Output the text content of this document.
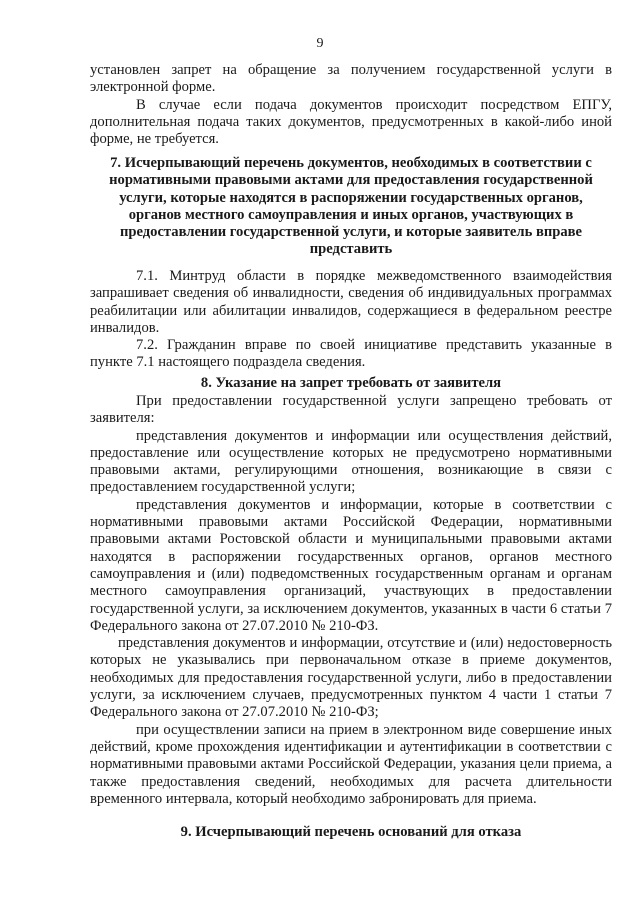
9

установлен запрет на обращение за получением государственной услуги в электронной форме.

В случае если подача документов происходит посредством ЕПГУ, дополнительная подача таких документов, предусмотренных в какой-либо иной форме, не требуется.

7. Исчерпывающий перечень документов, необходимых в соответствии с нормативными правовыми актами для предоставления государственной услуги, которые находятся в распоряжении государственных органов, органов местного самоуправления и иных органов, участвующих в предоставлении государственной услуги, и которые заявитель вправе представить

7.1. Минтруд области в порядке межведомственного взаимодействия запрашивает сведения об инвалидности, сведения об индивидуальных программах реабилитации или абилитации инвалидов, содержащиеся в федеральном реестре инвалидов.

7.2. Гражданин вправе по своей инициативе представить указанные в пункте 7.1 настоящего подраздела сведения.

8. Указание на запрет требовать от заявителя

При предоставлении государственной услуги запрещено требовать от заявителя:

представления документов и информации или осуществления действий, предоставление или осуществление которых не предусмотрено нормативными правовыми актами, регулирующими отношения, возникающие в связи с предоставлением государственной услуги;

представления документов и информации, которые в соответствии с нормативными правовыми актами Российской Федерации, нормативными правовыми актами Ростовской области и муниципальными правовыми актами находятся в распоряжении государственных органов, органов местного самоуправления и (или) подведомственных государственным органам и органам местного самоуправления организаций, участвующих в предоставлении государственной услуги, за исключением документов, указанных в части 6 статьи 7 Федерального закона от 27.07.2010 № 210-ФЗ.

представления документов и информации, отсутствие и (или) недостоверность которых не указывались при первоначальном отказе в приеме документов, необходимых для предоставления государственной услуги, либо в предоставлении услуги, за исключением случаев, предусмотренных пунктом 4 части 1 статьи 7 Федерального закона от 27.07.2010 № 210-ФЗ;

при осуществлении записи на прием в электронном виде совершение иных действий, кроме прохождения идентификации и аутентификации в соответствии с нормативными правовыми актами Российской Федерации, указания цели приема, а также предоставления сведений, необходимых для расчета длительности временного интервала, который необходимо забронировать для приема.

9. Исчерпывающий перечень оснований для отказа
